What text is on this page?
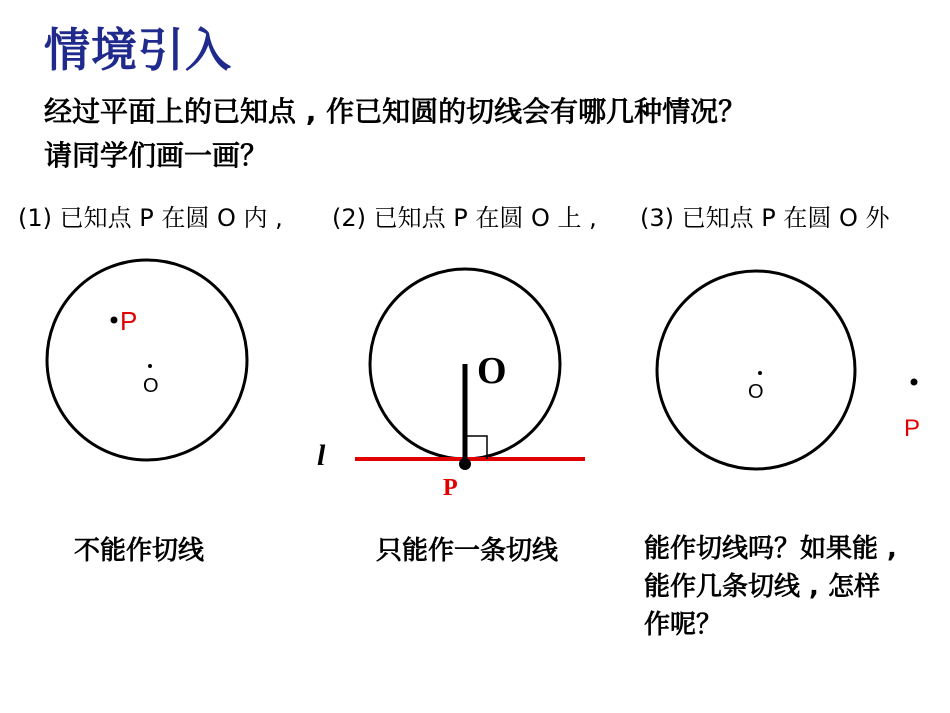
情境引入
经过平面上的已知点 , 作已知圆的切线会有哪几种情况？
请同学们画一画？
(1) 已知点 P 在圆 O 内 , (2) 已知点 P 在圆 O 上 , (3) 已知点 P 在圆 O 外
P
O	O
P
l
O
P
不能作切线	只能作一条切线	能作切线吗？如果能 ,
能作几条切线 , 怎样
作呢？
